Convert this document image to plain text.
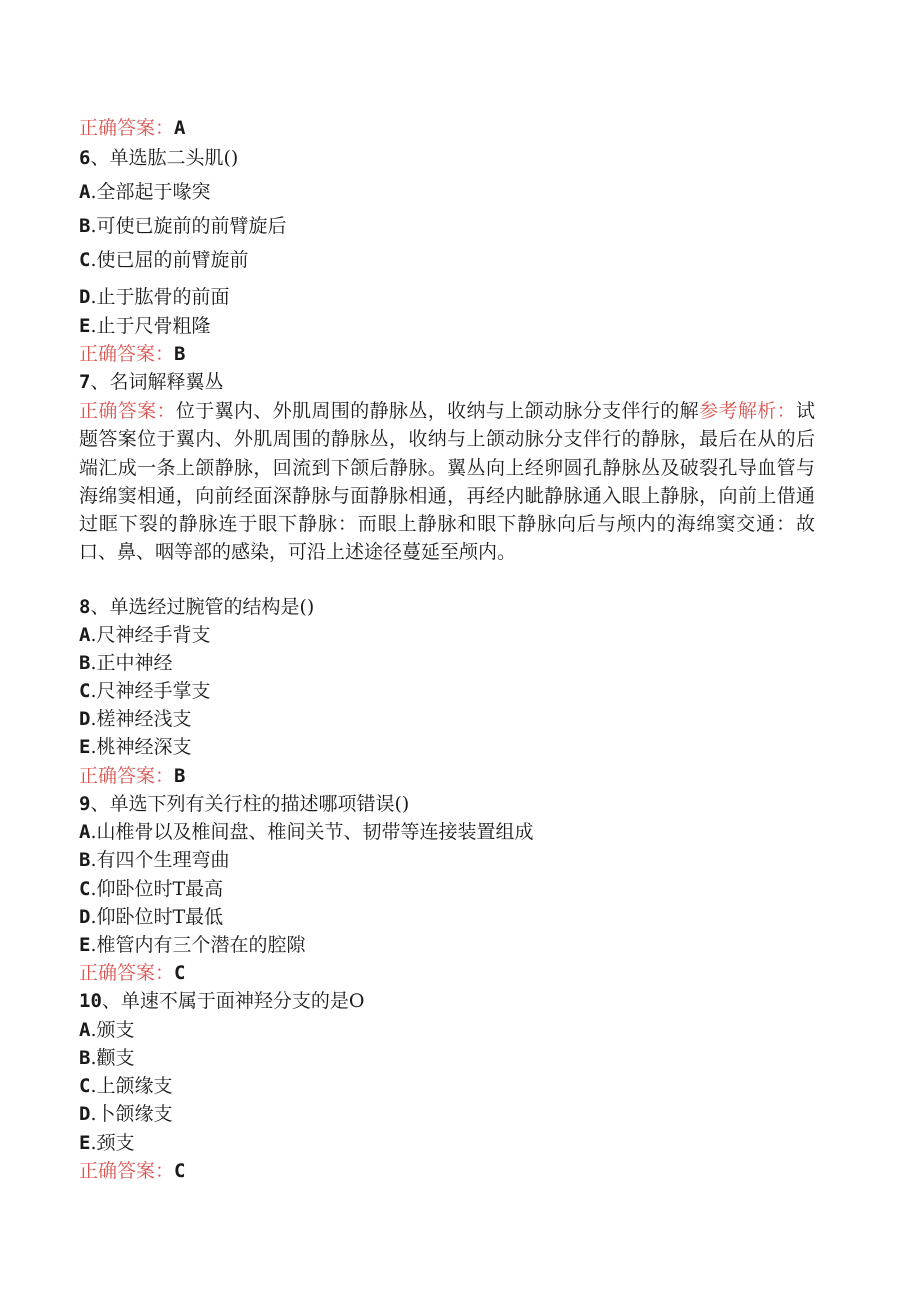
正确答案：A
6、单选肱二头肌()
A.全部起于喙突
B.可使已旋前的前臂旋后
C.使已屈的前臂旋前
D.止于肱骨的前面
E.止于尺骨粗隆
正确答案：B
7、名词解释翼丛
正确答案：位于翼内、外肌周围的静脉丛，收纳与上颌动脉分支伴行的解参考解析：试题答案位于翼内、外肌周围的静脉丛，收纳与上颌动脉分支伴行的静脉，最后在从的后端汇成一条上颌静脉，回流到下颌后静脉。翼丛向上经卵圆孔静脉丛及破裂孔导血管与海绵窦相通，向前经面深静脉与面静脉相通，再经内眦静脉通入眼上静脉，向前上借通过眶下裂的静脉连于眼下静脉：而眼上静脉和眼下静脉向后与颅内的海绵窦交通：故口、鼻、咽等部的感染，可沿上述途径蔓延至颅内。
8、单选经过腕管的结构是()
A.尺神经手背支
B.正中神经
C.尺神经手掌支
D.槎神经浅支
E.桃神经深支
正确答案：B
9、单选下列有关行柱的描述哪项错误()
A.山椎骨以及椎间盘、椎间关节、韧带等连接装置组成
B.有四个生理弯曲
C.仰卧位时T最高
D.仰卧位时T最低
E.椎管内有三个潜在的腔隙
正确答案：C
10、单速不属于面神羟分支的是O
A.颁支
B.颧支
C.上颌缘支
D.卜颌缘支
E.颈支
正确答案：C
